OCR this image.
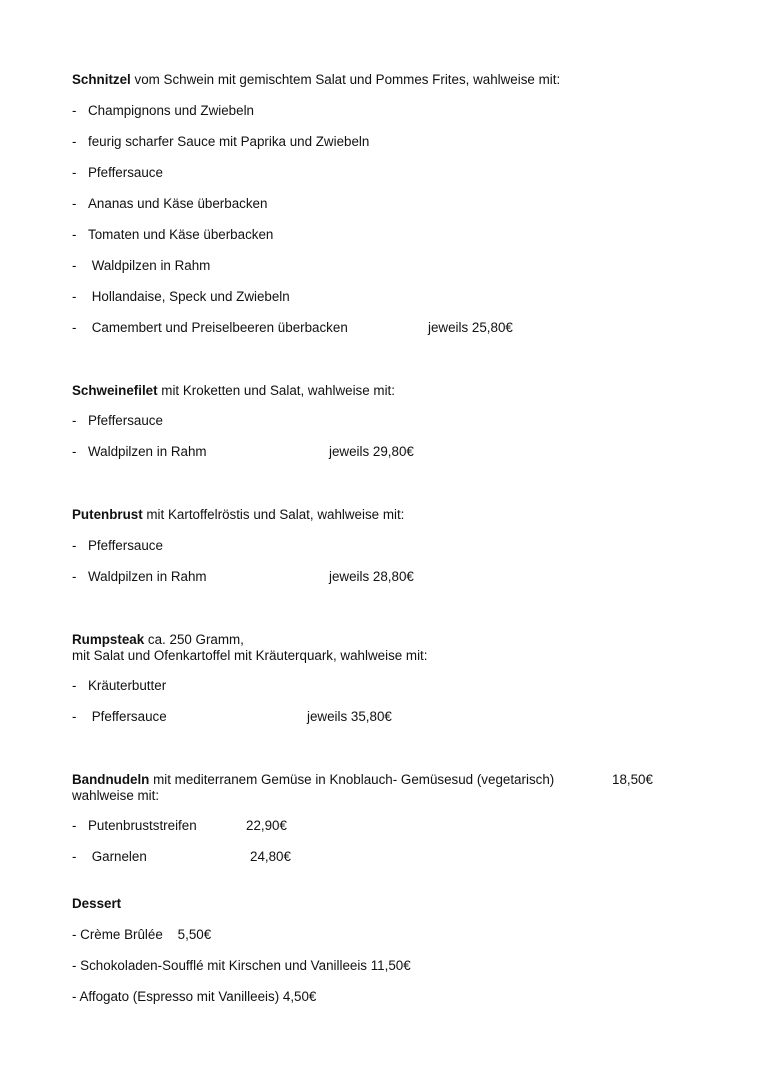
Schnitzel vom Schwein mit gemischtem Salat und Pommes Frites, wahlweise mit:
- Champignons und Zwiebeln
- feurig scharfer Sauce mit Paprika und Zwiebeln
- Pfeffersauce
- Ananas und Käse überbacken
- Tomaten und Käse überbacken
- Waldpilzen in Rahm
- Hollandaise, Speck und Zwiebeln
- Camembert und Preiselbeeren überbacken	jeweils 25,80€
Schweinefilet mit Kroketten und Salat, wahlweise mit:
- Pfeffersauce
- Waldpilzen in Rahm	jeweils 29,80€
Putenbrust mit Kartoffelröstis und Salat, wahlweise mit:
- Pfeffersauce
- Waldpilzen in Rahm	jeweils 28,80€
Rumpsteak ca. 250 Gramm,
mit Salat und Ofenkartoffel mit Kräuterquark, wahlweise mit:
- Kräuterbutter
- Pfeffersauce	jeweils 35,80€
Bandnudeln mit mediterranem Gemüse in Knoblauch- Gemüsesud (vegetarisch)	18,50€
wahlweise mit:
- Putenbruststreifen	22,90€
- Garnelen	24,80€
Dessert
- Crème Brûlée    5,50€
- Schokoladen-Soufflé mit Kirschen und Vanilleeis 11,50€
- Affogato (Espresso mit Vanilleeis) 4,50€
